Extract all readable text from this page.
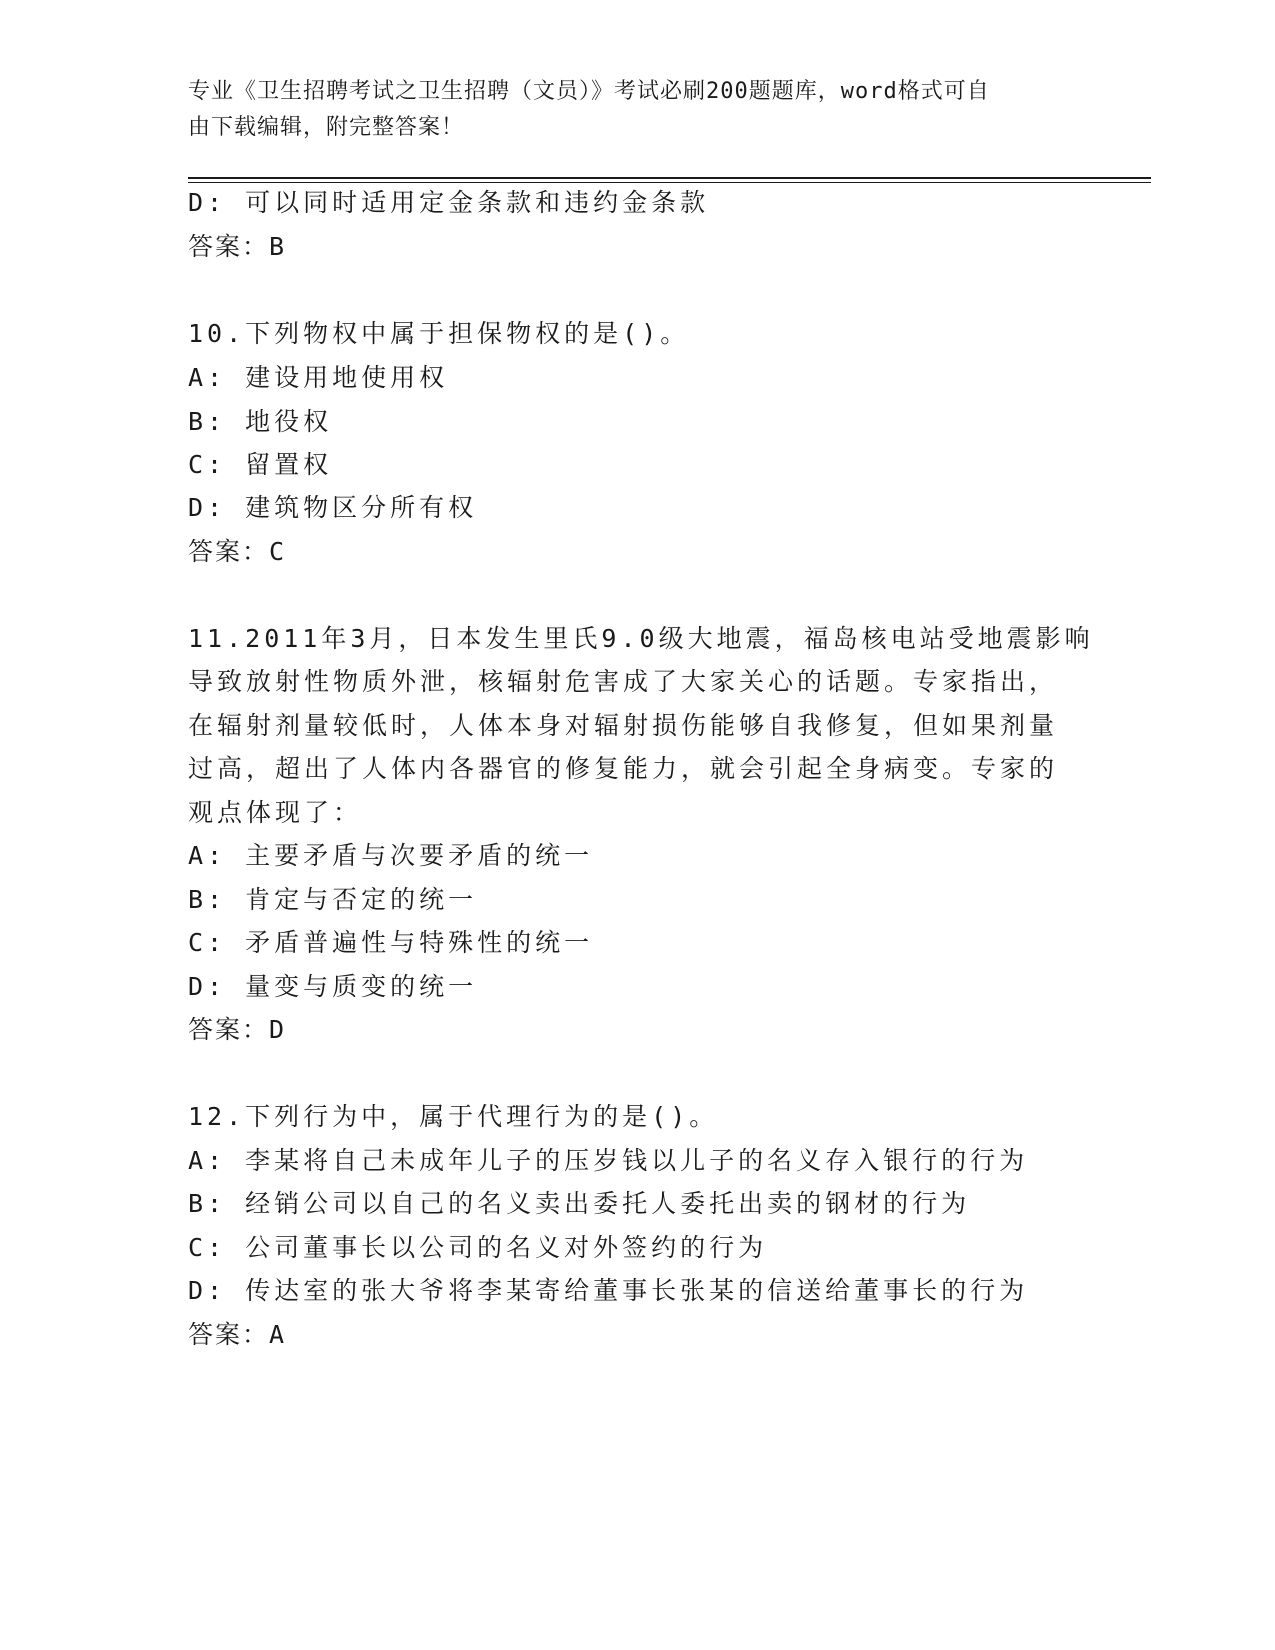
专业《卫生招聘考试之卫生招聘（文员）》考试必刷200题题库，word格式可自
由下载编辑，附完整答案！
D: 可以同时适用定金条款和违约金条款
答案：B
10.下列物权中属于担保物权的是()。
A: 建设用地使用权
B: 地役权
C: 留置权
D: 建筑物区分所有权
答案：C
11.2011年3月，日本发生里氏9.0级大地震，福岛核电站受地震影响
导致放射性物质外泄，核辐射危害成了大家关心的话题。专家指出，
在辐射剂量较低时，人体本身对辐射损伤能够自我修复，但如果剂量
过高，超出了人体内各器官的修复能力，就会引起全身病变。专家的
观点体现了：
A: 主要矛盾与次要矛盾的统一
B: 肯定与否定的统一
C: 矛盾普遍性与特殊性的统一
D: 量变与质变的统一
答案：D
12.下列行为中，属于代理行为的是()。
A: 李某将自己未成年儿子的压岁钱以儿子的名义存入银行的行为
B: 经销公司以自己的名义卖出委托人委托出卖的钢材的行为
C: 公司董事长以公司的名义对外签约的行为
D: 传达室的张大爷将李某寄给董事长张某的信送给董事长的行为
答案：A
